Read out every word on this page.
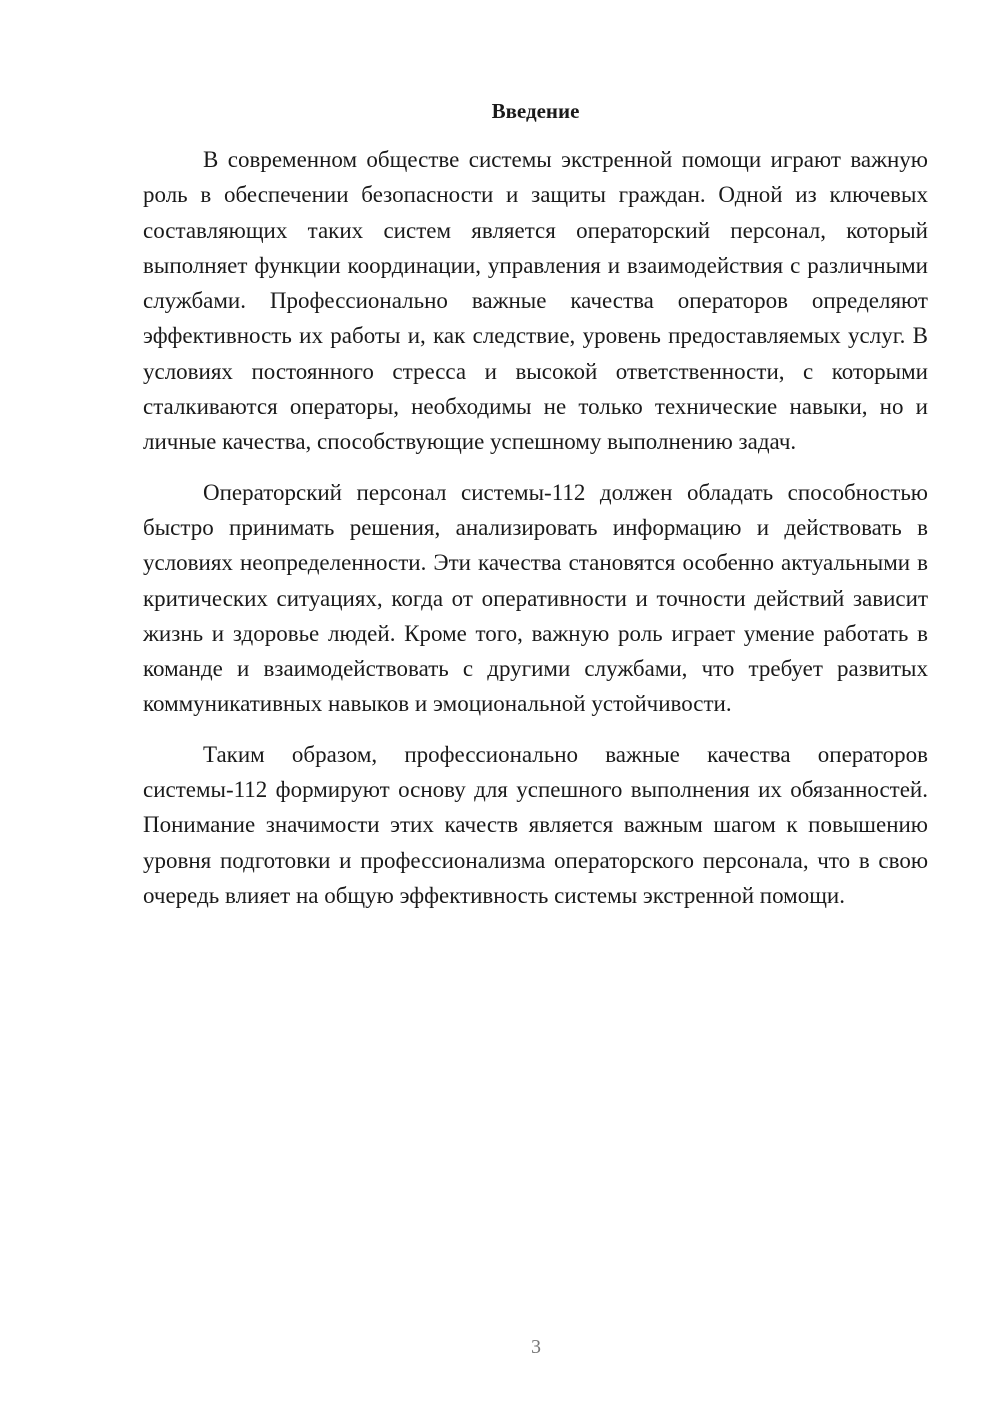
Введение

В современном обществе системы экстренной помощи играют важную роль в обеспечении безопасности и защиты граждан. Одной из ключевых составляющих таких систем является операторский персонал, который выполняет функции координации, управления и взаимодействия с различными службами. Профессионально важные качества операторов определяют эффективность их работы и, как следствие, уровень предоставляемых услуг. В условиях постоянного стресса и высокой ответственности, с которыми сталкиваются операторы, необходимы не только технические навыки, но и личные качества, способствующие успешному выполнению задач.

Операторский персонал системы-112 должен обладать способностью быстро принимать решения, анализировать информацию и действовать в условиях неопределенности. Эти качества становятся особенно актуальными в критических ситуациях, когда от оперативности и точности действий зависит жизнь и здоровье людей. Кроме того, важную роль играет умение работать в команде и взаимодействовать с другими службами, что требует развитых коммуникативных навыков и эмоциональной устойчивости.

Таким образом, профессионально важные качества операторов системы-112 формируют основу для успешного выполнения их обязанностей. Понимание значимости этих качеств является важным шагом к повышению уровня подготовки и профессионализма операторского персонала, что в свою очередь влияет на общую эффективность системы экстренной помощи.

3
